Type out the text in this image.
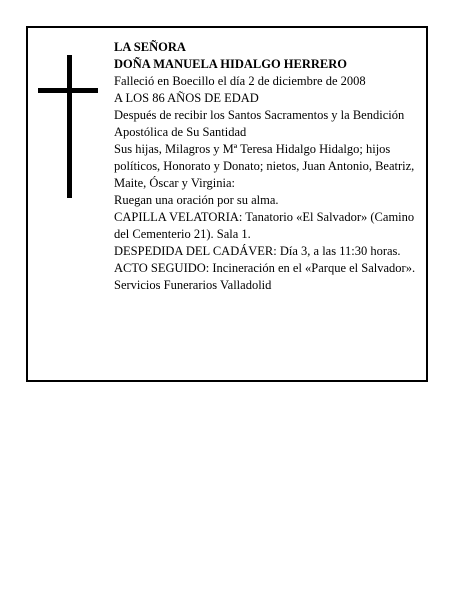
LA SEÑORA
DOÑA MANUELA HIDALGO HERRERO
Falleció en Boecillo el día 2 de diciembre de 2008
A LOS 86 AÑOS DE EDAD
Después de recibir los Santos Sacramentos y la Bendición Apostólica de Su Santidad
Sus hijas, Milagros y Mª Teresa Hidalgo Hidalgo; hijos políticos, Honorato y Donato; nietos, Juan Antonio, Beatriz, Maite, Óscar y Virginia:
Ruegan una oración por su alma.
CAPILLA VELATORIA: Tanatorio «El Salvador» (Camino del Cementerio 21). Sala 1.
DESPEDIDA DEL CADÁVER: Día 3, a las 11:30 horas.
ACTO SEGUIDO: Incineración en el «Parque el Salvador».
Servicios Funerarios Valladolid
